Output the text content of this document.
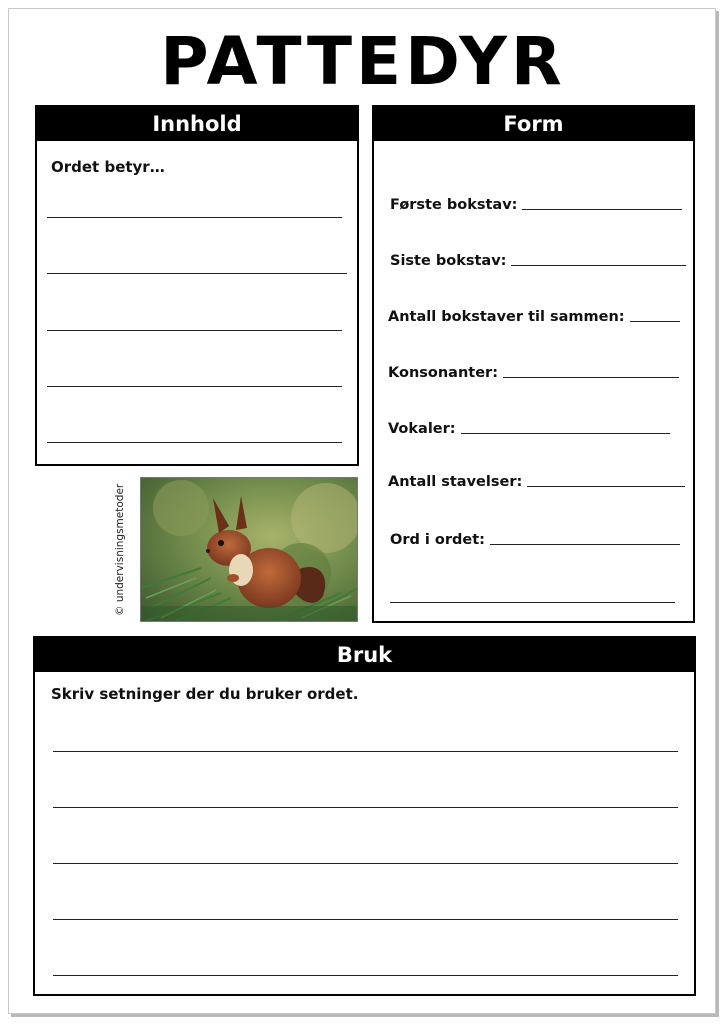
PATTEDYR
Innhold
Ordet betyr…
Form
Første bokstav:
Siste bokstav:
Antall bokstaver til sammen:
Konsonanter:
Vokaler:
Antall stavelser:
Ord i ordet:
© undervisningsmetoder
Bruk
Skriv setninger der du bruker ordet.
